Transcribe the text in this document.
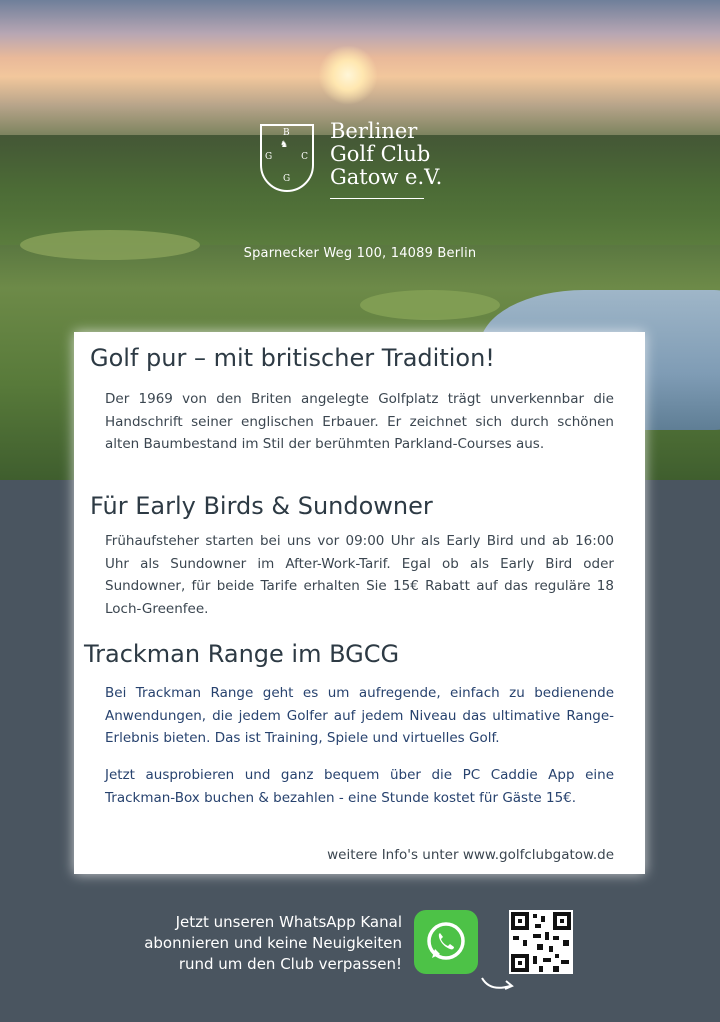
B
G	C
G
♞
Berliner
Golf Club
Gatow e.V.
Sparnecker Weg 100, 14089 Berlin
Golf pur – mit britischer Tradition!

Der 1969 von den Briten angelegte Golfplatz trägt unverkennbar die Handschrift seiner englischen Erbauer. Er zeichnet sich durch schönen alten Baumbestand im Stil der berühmten Parkland-Courses aus.

Für Early Birds & Sundowner

Frühaufsteher starten bei uns vor 09:00 Uhr als Early Bird und ab 16:00 Uhr als Sundowner im After-Work-Tarif. Egal ob als Early Bird oder Sundowner, für beide Tarife erhalten Sie 15€ Rabatt auf das reguläre 18 Loch-Greenfee.

Trackman Range im BGCG

Bei Trackman Range geht es um aufregende, einfach zu bedienende Anwendungen, die jedem Golfer auf jedem Niveau das ultimative Range-Erlebnis bieten. Das ist Training, Spiele und virtuelles Golf.

Jetzt ausprobieren und ganz bequem über die PC Caddie App eine Trackman-Box buchen & bezahlen - eine Stunde kostet für Gäste 15€.

weitere Info's unter www.golfclubgatow.de
Jetzt unseren WhatsApp Kanal
abonnieren und keine Neuigkeiten
rund um den Club verpassen!
